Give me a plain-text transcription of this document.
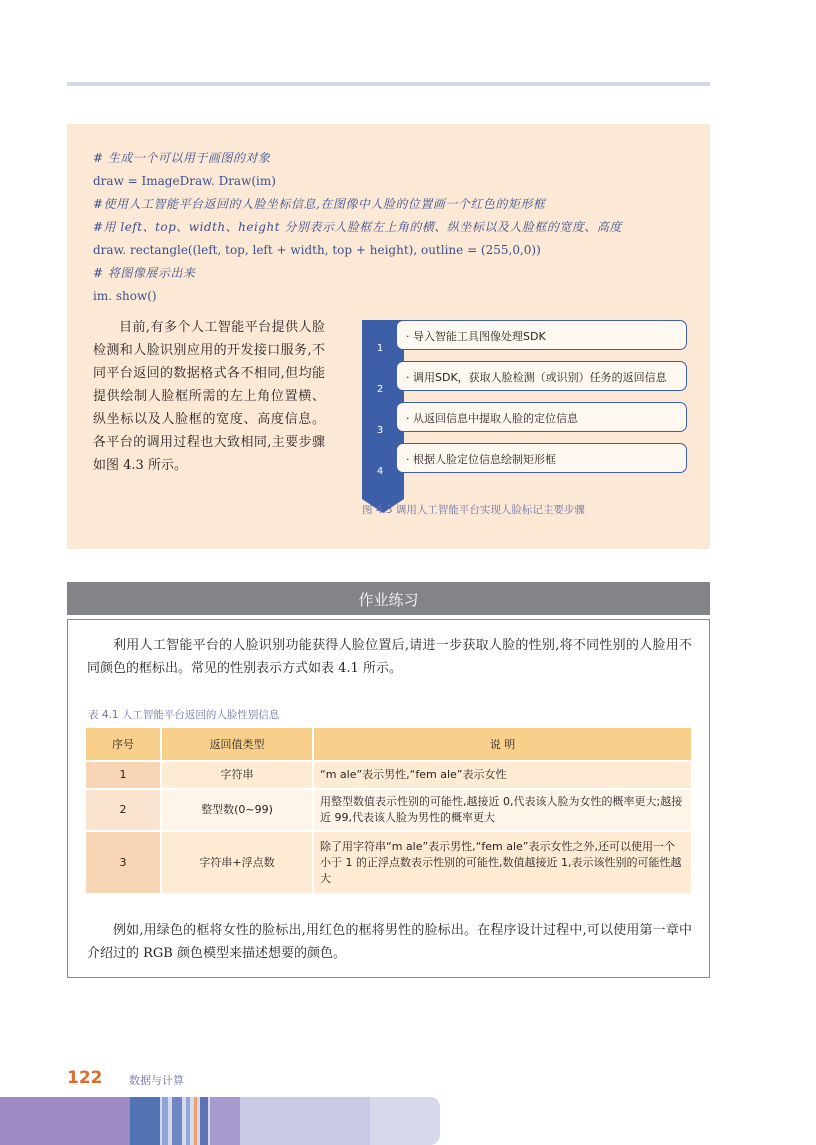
# 生成一个可以用于画图的对象
draw = ImageDraw. Draw(im)
#使用人工智能平台返回的人脸坐标信息,在图像中人脸的位置画一个红色的矩形框
#用 left、top、width、height 分别表示人脸框左上角的横、纵坐标以及人脸框的宽度、高度
draw. rectangle((left, top, left + width, top + height), outline = (255,0,0))
# 将图像展示出来
im. show()
目前,有多个人工智能平台提供人脸检测和人脸识别应用的开发接口服务,不同平台返回的数据格式各不相同,但均能提供绘制人脸框所需的左上角位置横、纵坐标以及人脸框的宽度、高度信息。各平台的调用过程也大致相同,主要步骤如图 4.3 所示。
· 导入智能工具图像处理SDK
1
· 调用SDK，获取人脸检测（或识别）任务的返回信息
2
· 从返回信息中提取人脸的定位信息
3
· 根据人脸定位信息绘制矩形框
4
图 4.3 调用人工智能平台实现人脸标记主要步骤
作业练习
利用人工智能平台的人脸识别功能获得人脸位置后,请进一步获取人脸的性别,将不同性别的人脸用不同颜色的框标出。常见的性别表示方式如表 4.1 所示。
表 4.1 人工智能平台返回的人脸性别信息
序号	返回值类型	说 明
1	字符串	“m ale”表示男性,“fem ale”表示女性
2	整型数(0~99)	用整型数值表示性别的可能性,越接近 0,代表该人脸为女性的概率更大;越接近 99,代表该人脸为男性的概率更大
3	字符串+浮点数	除了用字符串“m ale”表示男性,“fem ale”表示女性之外,还可以使用一个小于 1 的正浮点数表示性别的可能性,数值越接近 1,表示该性别的可能性越大
例如,用绿色的框将女性的脸标出,用红色的框将男性的脸标出。在程序设计过程中,可以使用第一章中介绍过的 RGB 颜色模型来描述想要的颜色。
122 数据与计算
